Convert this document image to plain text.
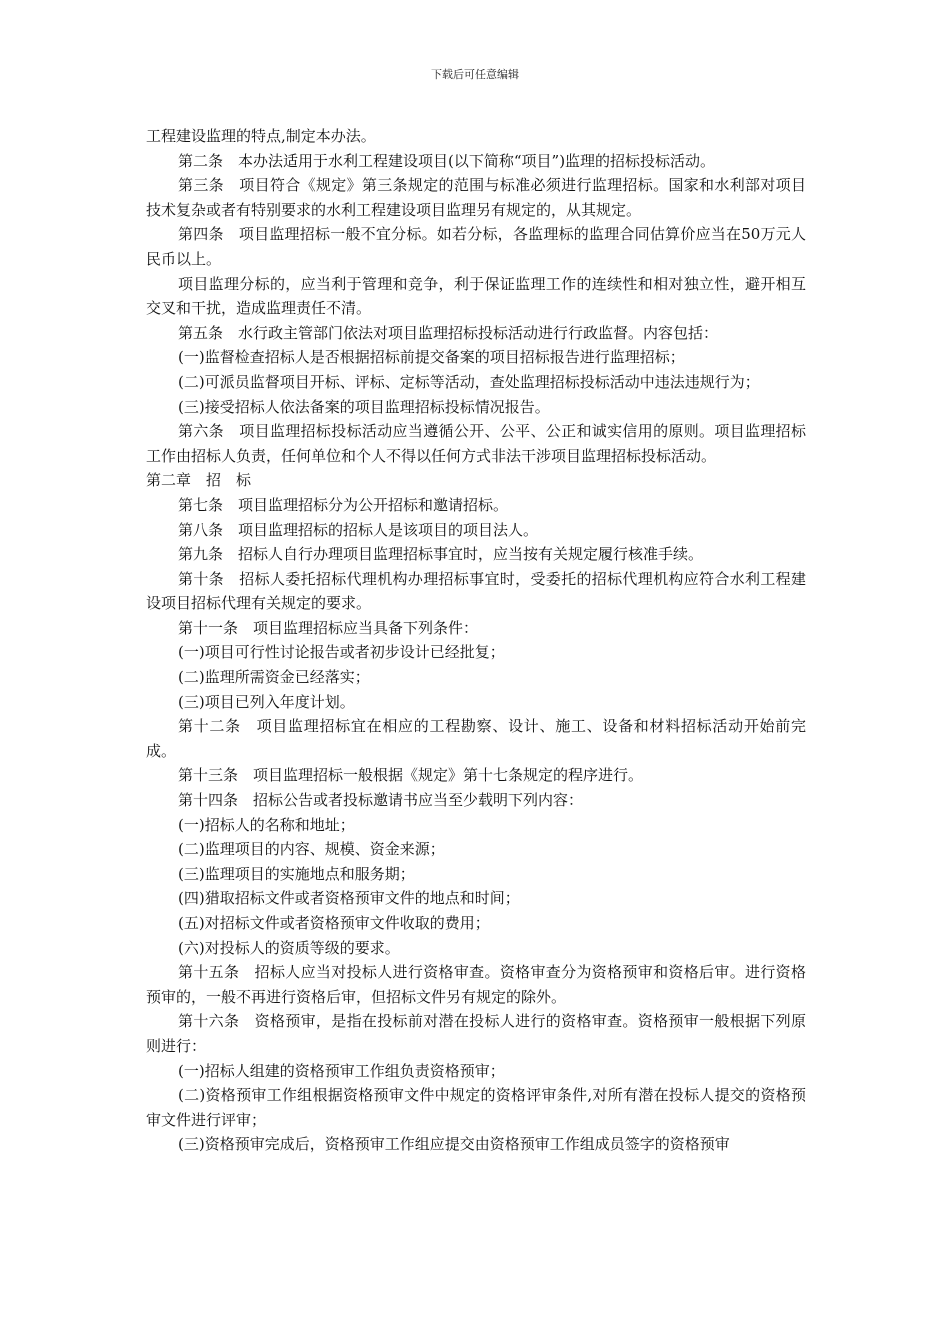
下载后可任意编辑

工程建设监理的特点,制定本办法。

第二条　本办法适用于水利工程建设项目(以下简称“项目”)监理的招标投标活动。

第三条　项目符合《规定》第三条规定的范围与标准必须进行监理招标。国家和水利部对项目技术复杂或者有特别要求的水利工程建设项目监理另有规定的，从其规定。

第四条　项目监理招标一般不宜分标。如若分标，各监理标的监理合同估算价应当在50万元人民币以上。

项目监理分标的，应当利于管理和竞争，利于保证监理工作的连续性和相对独立性，避开相互交叉和干扰，造成监理责任不清。

第五条　水行政主管部门依法对项目监理招标投标活动进行行政监督。内容包括：

(一)监督检查招标人是否根据招标前提交备案的项目招标报告进行监理招标；

(二)可派员监督项目开标、评标、定标等活动，查处监理招标投标活动中违法违规行为；

(三)接受招标人依法备案的项目监理招标投标情况报告。

第六条　项目监理招标投标活动应当遵循公开、公平、公正和诚实信用的原则。项目监理招标工作由招标人负责，任何单位和个人不得以任何方式非法干涉项目监理招标投标活动。

第二章　招　标

第七条　项目监理招标分为公开招标和邀请招标。

第八条　项目监理招标的招标人是该项目的项目法人。

第九条　招标人自行办理项目监理招标事宜时，应当按有关规定履行核准手续。

第十条　招标人委托招标代理机构办理招标事宜时，受委托的招标代理机构应符合水利工程建设项目招标代理有关规定的要求。

第十一条　项目监理招标应当具备下列条件：

(一)项目可行性讨论报告或者初步设计已经批复；

(二)监理所需资金已经落实；

(三)项目已列入年度计划。

第十二条　项目监理招标宜在相应的工程勘察、设计、施工、设备和材料招标活动开始前完成。

第十三条　项目监理招标一般根据《规定》第十七条规定的程序进行。

第十四条　招标公告或者投标邀请书应当至少载明下列内容：

(一)招标人的名称和地址；

(二)监理项目的内容、规模、资金来源；

(三)监理项目的实施地点和服务期；

(四)猎取招标文件或者资格预审文件的地点和时间；

(五)对招标文件或者资格预审文件收取的费用；

(六)对投标人的资质等级的要求。

第十五条　招标人应当对投标人进行资格审查。资格审查分为资格预审和资格后审。进行资格预审的，一般不再进行资格后审，但招标文件另有规定的除外。

第十六条　资格预审，是指在投标前对潜在投标人进行的资格审查。资格预审一般根据下列原则进行：

(一)招标人组建的资格预审工作组负责资格预审；

(二)资格预审工作组根据资格预审文件中规定的资格评审条件,对所有潜在投标人提交的资格预审文件进行评审；

(三)资格预审完成后，资格预审工作组应提交由资格预审工作组成员签字的资格预审
